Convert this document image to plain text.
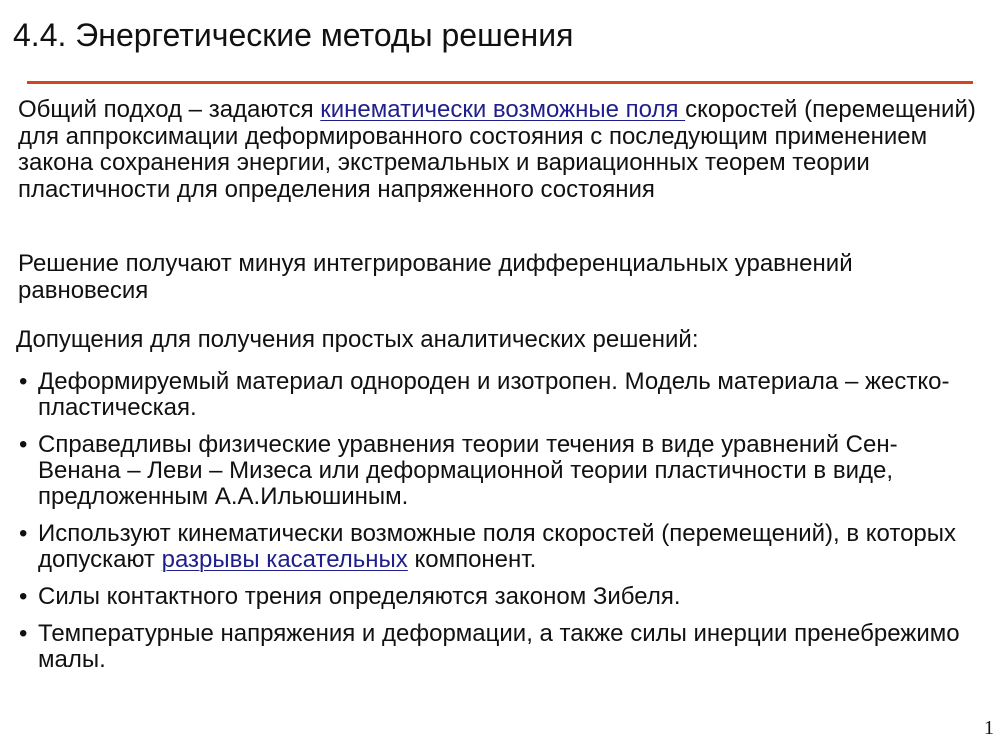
4.4. Энергетические методы решения

Общий подход – задаются кинематически возможные поля скоростей (перемещений) для аппроксимации деформированного состояния с последующим применением закона сохранения энергии, экстремальных и вариационных теорем теории пластичности для определения напряженного состояния

Решение получают минуя интегрирование дифференциальных уравнений равновесия

Допущения для получения простых аналитических решений:

• Деформируемый материал однороден и изотропен. Модель материала – жестко-пластическая.
• Справедливы физические уравнения теории течения в виде уравнений Сен-Венана – Леви – Мизеса или деформационной теории пластичности в виде, предложенным А.А.Ильюшиным.
• Используют кинематически возможные поля скоростей (перемещений), в которых допускают разрывы касательных компонент.
• Силы контактного трения определяются законом Зибеля.
• Температурные напряжения и деформации, а также силы инерции пренебрежимо малы.
1
